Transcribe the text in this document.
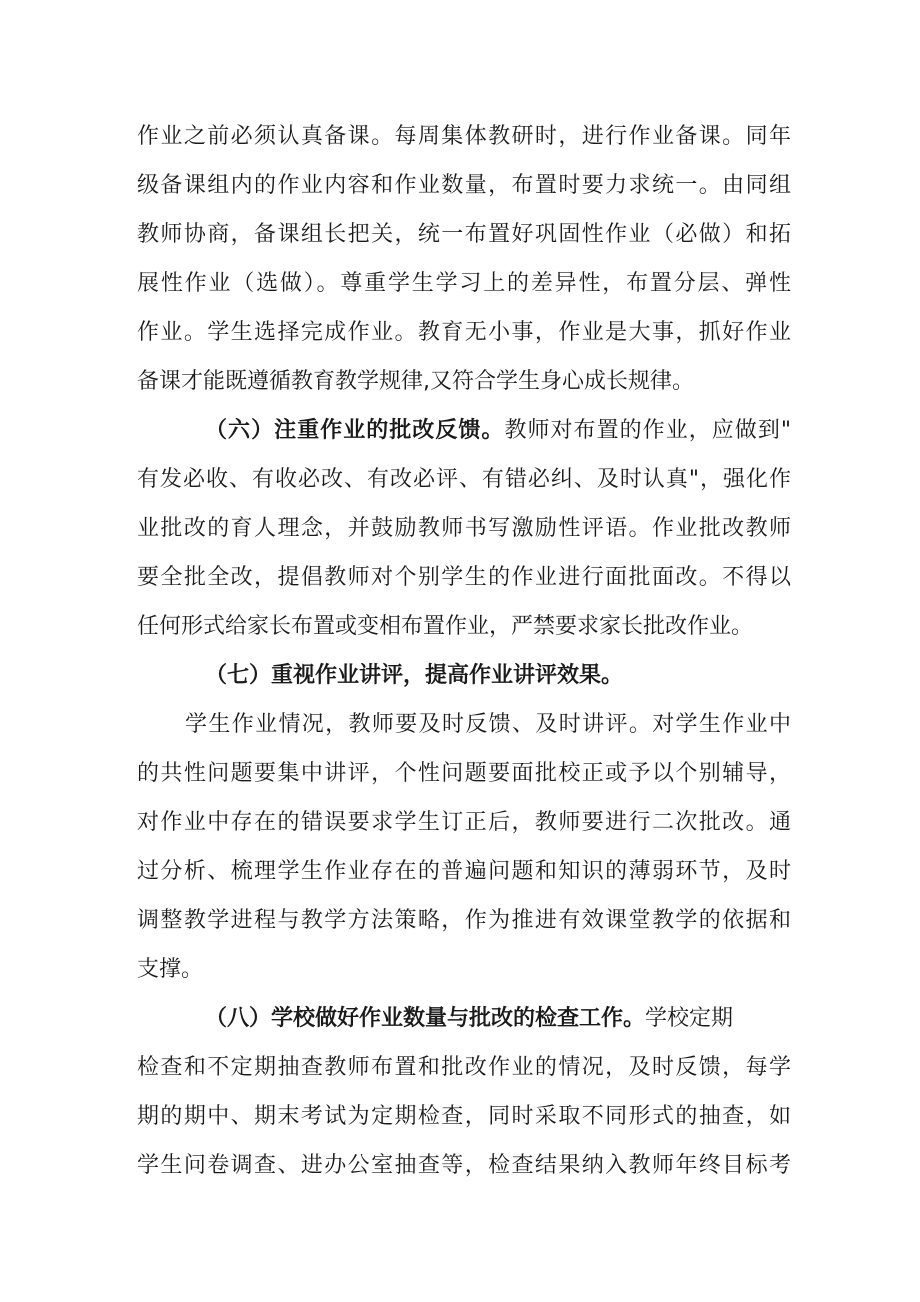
作业之前必须认真备课。每周集体教研时，进行作业备课。同年
级备课组内的作业内容和作业数量，布置时要力求统一。由同组
教师协商，备课组长把关，统一布置好巩固性作业（必做）和拓
展性作业（选做）。尊重学生学习上的差异性，布置分层、弹性
作业。学生选择完成作业。教育无小事，作业是大事，抓好作业
备课才能既遵循教育教学规律,又符合学生身心成长规律。
（六）注重作业的批改反馈。教师对布置的作业，应做到"
有发必收、有收必改、有改必评、有错必纠、及时认真"，强化作
业批改的育人理念，并鼓励教师书写激励性评语。作业批改教师
要全批全改，提倡教师对个别学生的作业进行面批面改。不得以
任何形式给家长布置或变相布置作业，严禁要求家长批改作业。
（七）重视作业讲评，提高作业讲评效果。
学生作业情况，教师要及时反馈、及时讲评。对学生作业中
的共性问题要集中讲评，个性问题要面批校正或予以个别辅导，
对作业中存在的错误要求学生订正后，教师要进行二次批改。通
过分析、梳理学生作业存在的普遍问题和知识的薄弱环节，及时
调整教学进程与教学方法策略，作为推进有效课堂教学的依据和
支撑。
（八）学校做好作业数量与批改的检查工作。学校定期
检查和不定期抽查教师布置和批改作业的情况，及时反馈，每学
期的期中、期末考试为定期检查，同时采取不同形式的抽查，如
学生问卷调查、进办公室抽查等，检查结果纳入教师年终目标考
